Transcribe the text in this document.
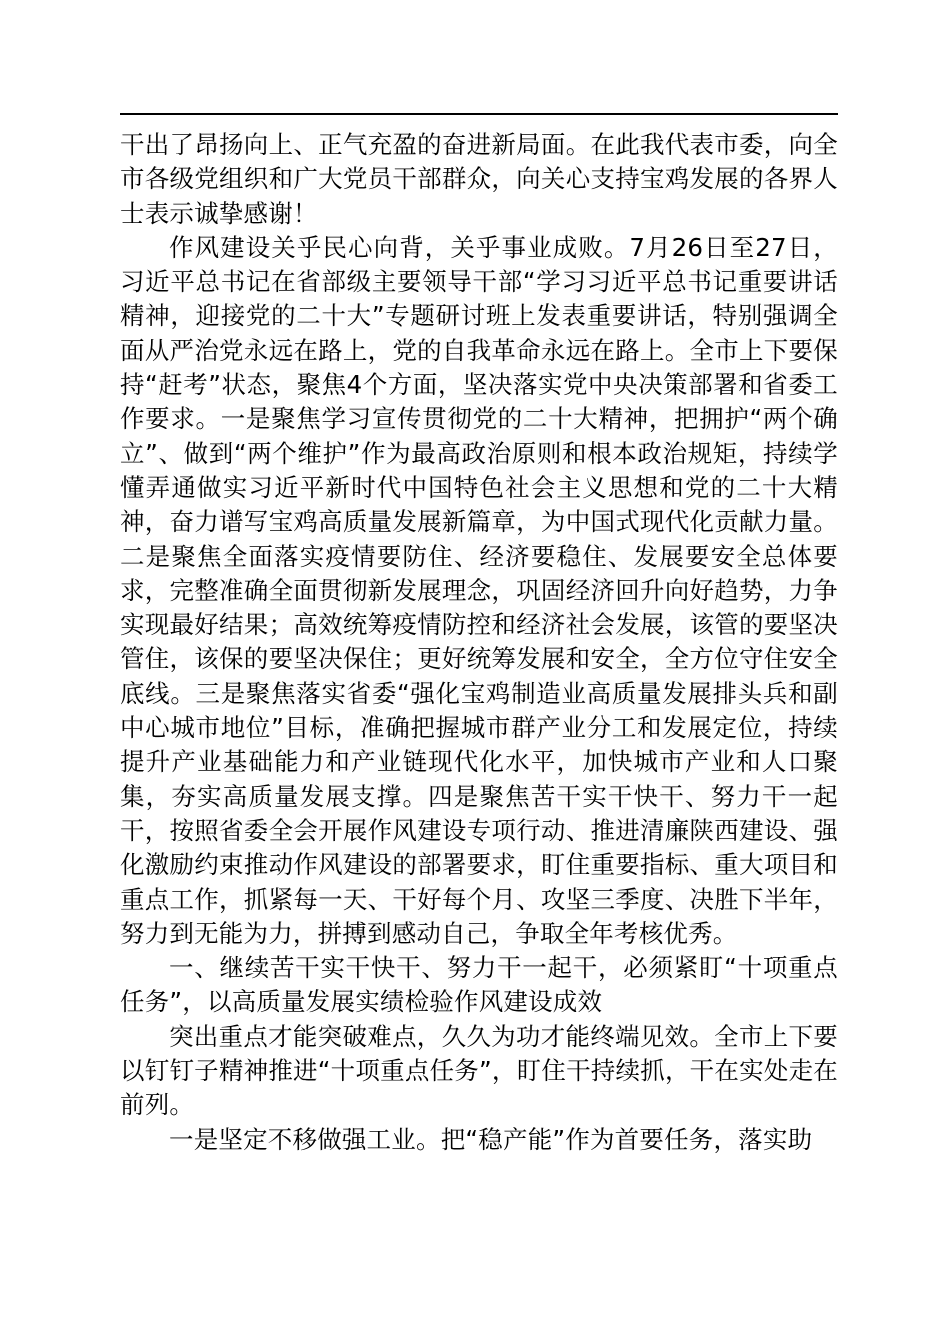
干出了昂扬向上、正气充盈的奋进新局面。在此我代表市委，向全市各级党组织和广大党员干部群众，向关心支持宝鸡发展的各界人士表示诚挚感谢！

作风建设关乎民心向背，关乎事业成败。7月26日至27日，习近平总书记在省部级主要领导干部“学习习近平总书记重要讲话精神，迎接党的二十大”专题研讨班上发表重要讲话，特别强调全面从严治党永远在路上，党的自我革命永远在路上。全市上下要保持“赶考”状态，聚焦4个方面，坚决落实党中央决策部署和省委工作要求。一是聚焦学习宣传贯彻党的二十大精神，把拥护“两个确立”、做到“两个维护”作为最高政治原则和根本政治规矩，持续学懂弄通做实习近平新时代中国特色社会主义思想和党的二十大精神，奋力谱写宝鸡高质量发展新篇章，为中国式现代化贡献力量。二是聚焦全面落实疫情要防住、经济要稳住、发展要安全总体要求，完整准确全面贯彻新发展理念，巩固经济回升向好趋势，力争实现最好结果；高效统筹疫情防控和经济社会发展，该管的要坚决管住，该保的要坚决保住；更好统筹发展和安全，全方位守住安全底线。三是聚焦落实省委“强化宝鸡制造业高质量发展排头兵和副中心城市地位”目标，准确把握城市群产业分工和发展定位，持续提升产业基础能力和产业链现代化水平，加快城市产业和人口聚集，夯实高质量发展支撑。四是聚焦苦干实干快干、努力干一起干，按照省委全会开展作风建设专项行动、推进清廉陕西建设、强化激励约束推动作风建设的部署要求，盯住重要指标、重大项目和重点工作，抓紧每一天、干好每个月、攻坚三季度、决胜下半年，努力到无能为力，拼搏到感动自己，争取全年考核优秀。

一、继续苦干实干快干、努力干一起干，必须紧盯“十项重点任务”，以高质量发展实绩检验作风建设成效

突出重点才能突破难点，久久为功才能终端见效。全市上下要以钉钉子精神推进“十项重点任务”，盯住干持续抓，干在实处走在前列。

一是坚定不移做强工业。把“稳产能”作为首要任务，落实助
